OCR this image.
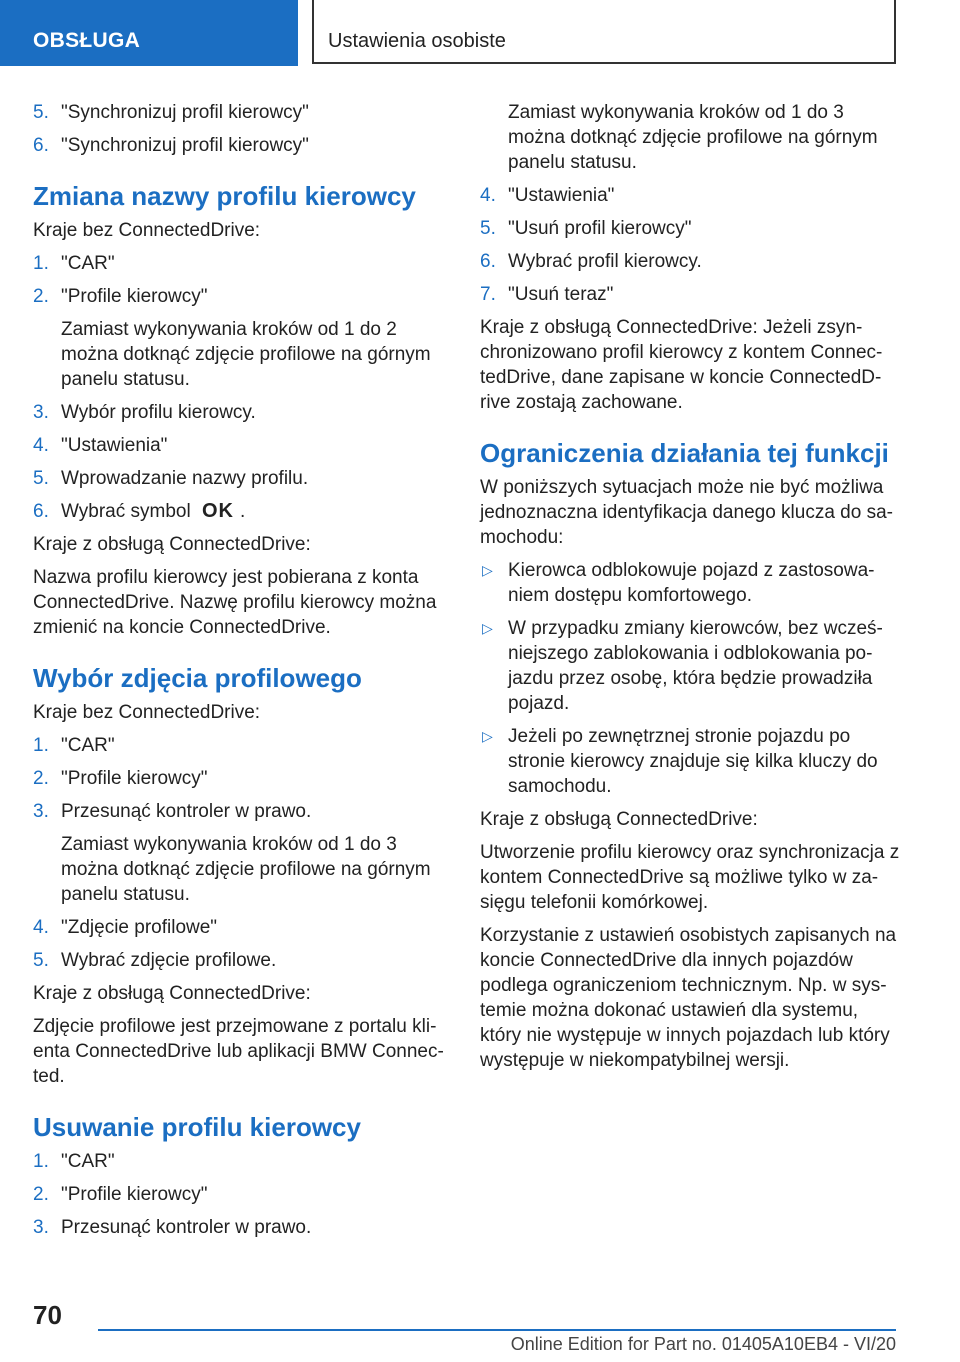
OBSŁUGA	Ustawienia osobiste
5. "Synchronizuj profil kierowcy"
6. "Synchronizuj profil kierowcy"
Zmiana nazwy profilu kierowcy

Kraje bez ConnectedDrive:

1. "CAR"
2. "Profile kierowcy"
Zamiast wykonywania kroków od 1 do 2 można dotknąć zdjęcie profilowe na górnym panelu statusu.
3. Wybór profilu kierowcy.
4. "Ustawienia"
5. Wprowadzanie nazwy profilu.
6. Wybrać symbol OK .

Kraje z obsługą ConnectedDrive:

Nazwa profilu kierowcy jest pobierana z konta ConnectedDrive. Nazwę profilu kierowcy można zmienić na koncie ConnectedDrive.

Wybór zdjęcia profilowego

Kraje bez ConnectedDrive:

1. "CAR"
2. "Profile kierowcy"
3. Przesunąć kontroler w prawo.
Zamiast wykonywania kroków od 1 do 3 można dotknąć zdjęcie profilowe na górnym panelu statusu.
4. "Zdjęcie profilowe"
5. Wybrać zdjęcie profilowe.

Kraje z obsługą ConnectedDrive:

Zdjęcie profilowe jest przejmowane z portalu klienta ConnectedDrive lub aplikacji BMW Connected.

Usuwanie profilu kierowcy
1. "CAR"
2. "Profile kierowcy"
3. Przesunąć kontroler w prawo.
Zamiast wykonywania kroków od 1 do 3 można dotknąć zdjęcie profilowe na górnym panelu statusu.
4. "Ustawienia"
5. "Usuń profil kierowcy"
6. Wybrać profil kierowcy.
7. "Usuń teraz"

Kraje z obsługą ConnectedDrive: Jeżeli zsynchronizowano profil kierowcy z kontem ConnectedDrive, dane zapisane w koncie ConnectedDrive zostają zachowane.

Ograniczenia działania tej funkcji

W poniższych sytuacjach może nie być możliwa jednoznaczna identyfikacja danego klucza do samochodu:

▷ Kierowca odblokowuje pojazd z zastosowaniem dostępu komfortowego.
▷ W przypadku zmiany kierowców, bez wcześniejszego zablokowania i odblokowania pojazdu przez osobę, która będzie prowadziła pojazd.
▷ Jeżeli po zewnętrznej stronie pojazdu po stronie kierowcy znajduje się kilka kluczy do samochodu.

Kraje z obsługą ConnectedDrive:

Utworzenie profilu kierowcy oraz synchronizacja z kontem ConnectedDrive są możliwe tylko w zasięgu telefonii komórkowej.

Korzystanie z ustawień osobistych zapisanych na koncie ConnectedDrive dla innych pojazdów podlega ograniczeniom technicznym. Np. w systemie można dokonać ustawień dla systemu, który nie występuje w innych pojazdach lub który występuje w niekompatybilnej wersji.

70
Online Edition for Part no. 01405A10EB4 - VI/20
